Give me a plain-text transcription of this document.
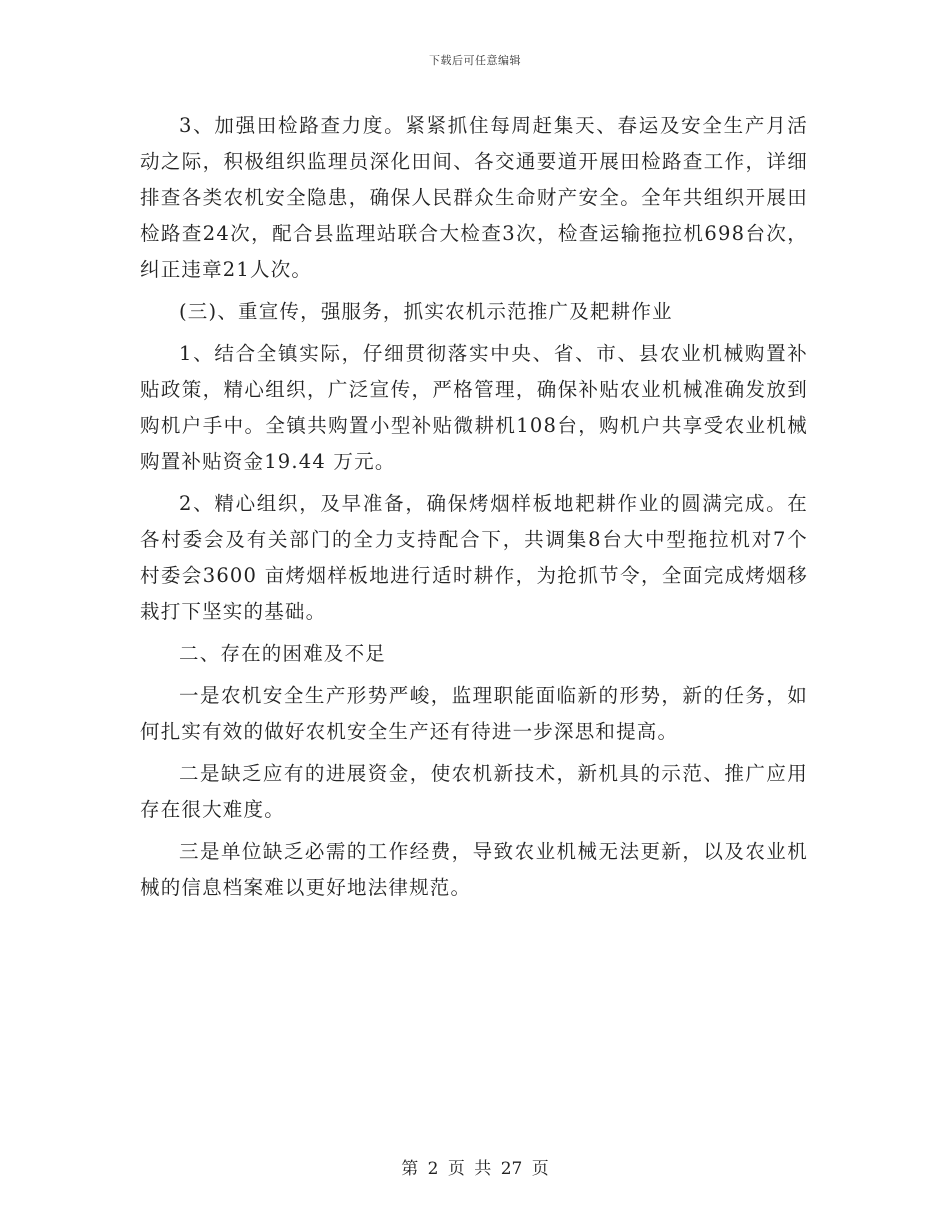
下载后可任意编辑

3、加强田检路查力度。紧紧抓住每周赶集天、春运及安全生产月活动之际，积极组织监理员深化田间、各交通要道开展田检路查工作，详细排查各类农机安全隐患，确保人民群众生命财产安全。全年共组织开展田检路查24次，配合县监理站联合大检查3次，检查运输拖拉机698台次，纠正违章21人次。

(三)、重宣传，强服务，抓实农机示范推广及耙耕作业

1、结合全镇实际，仔细贯彻落实中央、省、市、县农业机械购置补贴政策，精心组织，广泛宣传，严格管理，确保补贴农业机械准确发放到购机户手中。全镇共购置小型补贴微耕机108台，购机户共享受农业机械购置补贴资金19.44 万元。

2、精心组织，及早准备，确保烤烟样板地耙耕作业的圆满完成。在各村委会及有关部门的全力支持配合下，共调集8台大中型拖拉机对7个村委会3600 亩烤烟样板地进行适时耕作，为抢抓节令，全面完成烤烟移栽打下坚实的基础。

二、存在的困难及不足

一是农机安全生产形势严峻，监理职能面临新的形势，新的任务，如何扎实有效的做好农机安全生产还有待进一步深思和提高。

二是缺乏应有的进展资金，使农机新技术，新机具的示范、推广应用存在很大难度。

三是单位缺乏必需的工作经费，导致农业机械无法更新，以及农业机械的信息档案难以更好地法律规范。

第 2 页 共 27 页
